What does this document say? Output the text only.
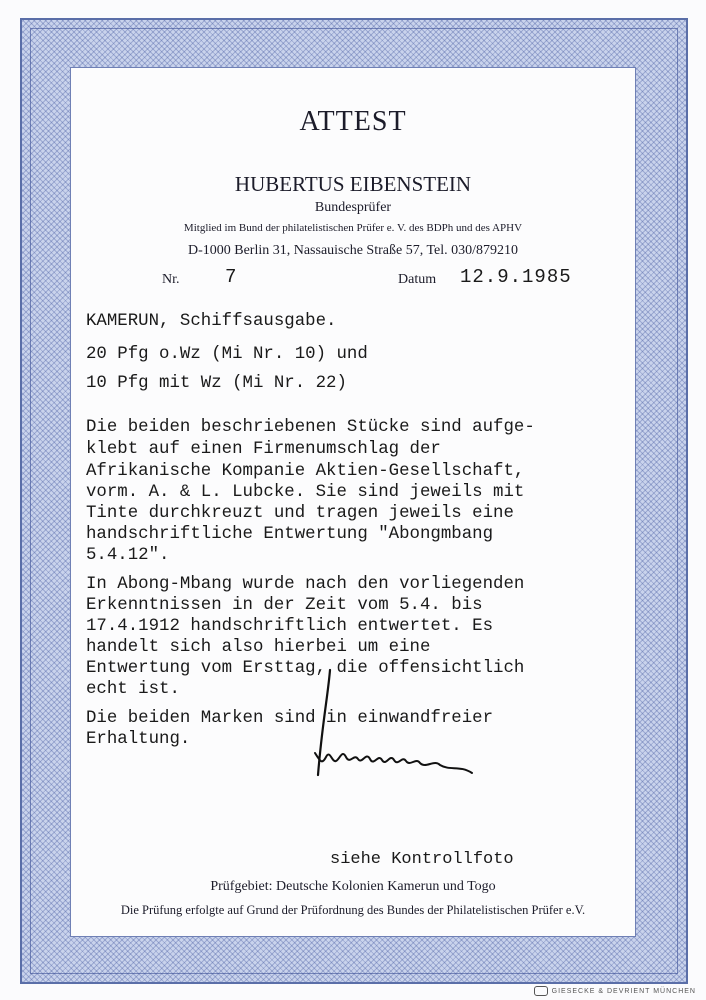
ATTEST
HUBERTUS EIBENSTEIN
Bundesprüfer
Mitglied im Bund der philatelistischen Prüfer e. V. des BDPh und des APHV
D-1000 Berlin 31, Nassauische Straße 57, Tel. 030/879210
Nr. 7	Datum 12.9.1985
KAMERUN, Schiffsausgabe.
20 Pfg o.Wz (Mi Nr. 10) und
10 Pfg mit Wz (Mi Nr. 22)
Die beiden beschriebenen Stücke sind aufge-
klebt auf einen Firmenumschlag der
Afrikanische Kompanie Aktien-Gesellschaft,
vorm. A. & L. Lubcke. Sie sind jeweils mit
Tinte durchkreuzt und tragen jeweils eine
handschriftliche Entwertung "Abongmbang
5.4.12".
In Abong-Mbang wurde nach den vorliegenden
Erkenntnissen in der Zeit vom 5.4. bis
17.4.1912 handschriftlich entwertet. Es
handelt sich also hierbei um eine
Entwertung vom Ersttag, die offensichtlich
echt ist.
Die beiden Marken sind in einwandfreier
Erhaltung.
siehe Kontrollfoto
Prüfgebiet: Deutsche Kolonien Kamerun und Togo
Die Prüfung erfolgte auf Grund der Prüfordnung des Bundes der Philatelistischen Prüfer e.V.
GIESECKE & DEVRIENT MÜNCHEN
